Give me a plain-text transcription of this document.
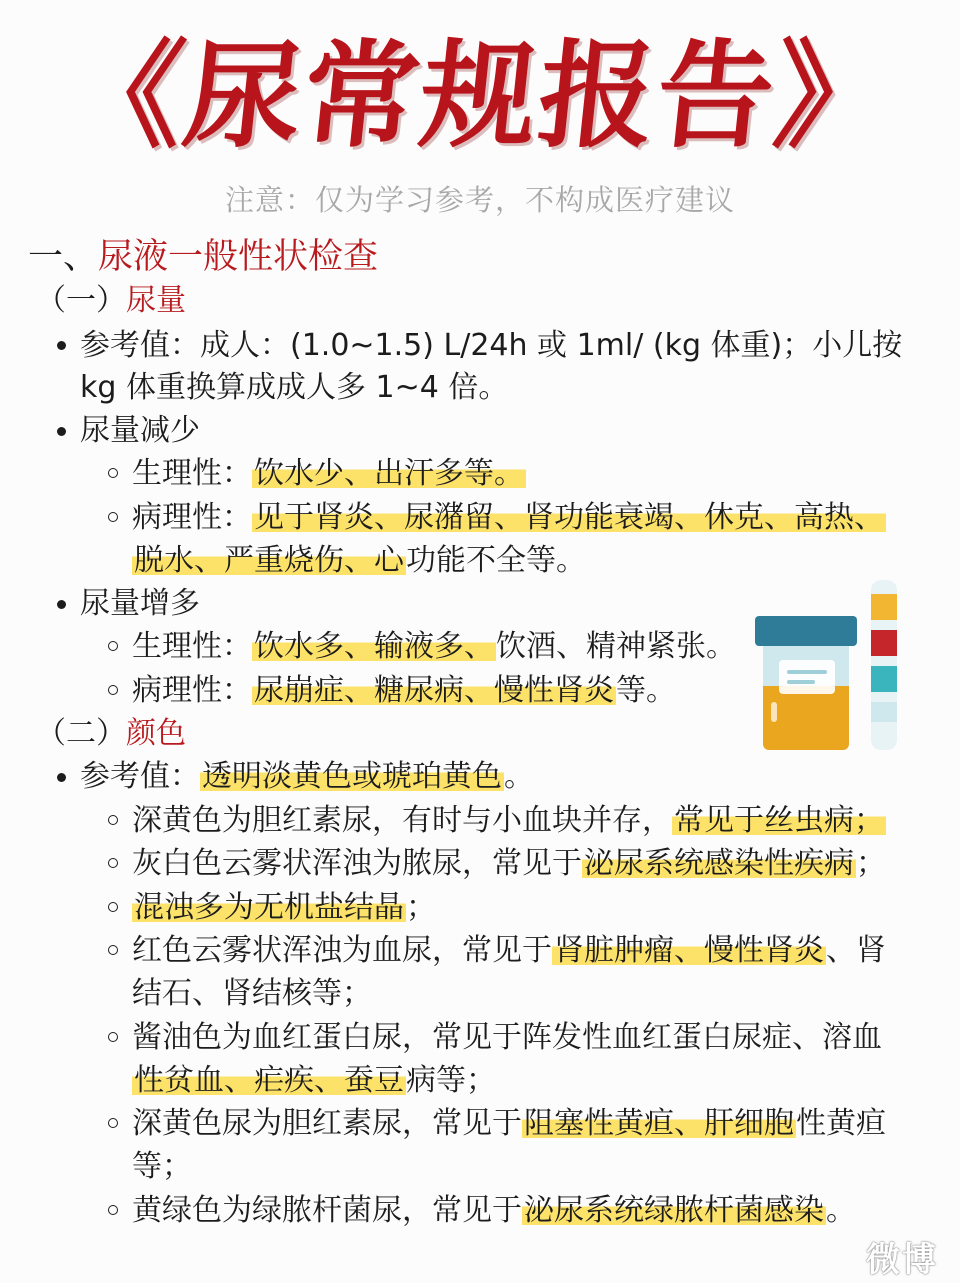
《尿常规报告》
注意：仅为学习参考，不构成医疗建议
一、尿液一般性状检查
（一）尿量
参考值：成人：(1.0~1.5) L/24h 或 1ml/ (kg 体重)；小儿按
kg 体重换算成成人多 1~4 倍。
尿量减少
生理性：饮水少、出汗多等。
病理性：见于肾炎、尿潴留、肾功能衰竭、休克、高热、
脱水、严重烧伤、心功能不全等。
尿量增多
生理性：饮水多、输液多、饮酒、精神紧张。
病理性：尿崩症、糖尿病、慢性肾炎等。
（二）颜色
参考值：透明淡黄色或琥珀黄色。
深黄色为胆红素尿，有时与小血块并存，常见于丝虫病；
灰白色云雾状浑浊为脓尿，常见于泌尿系统感染性疾病；
混浊多为无机盐结晶；
红色云雾状浑浊为血尿，常见于肾脏肿瘤、慢性肾炎、肾
结石、肾结核等；
酱油色为血红蛋白尿，常见于阵发性血红蛋白尿症、溶血
性贫血、疟疾、蚕豆病等；
深黄色尿为胆红素尿，常见于阻塞性黄疸、肝细胞性黄疸
等；
黄绿色为绿脓杆菌尿，常见于泌尿系统绿脓杆菌感染。
微博
